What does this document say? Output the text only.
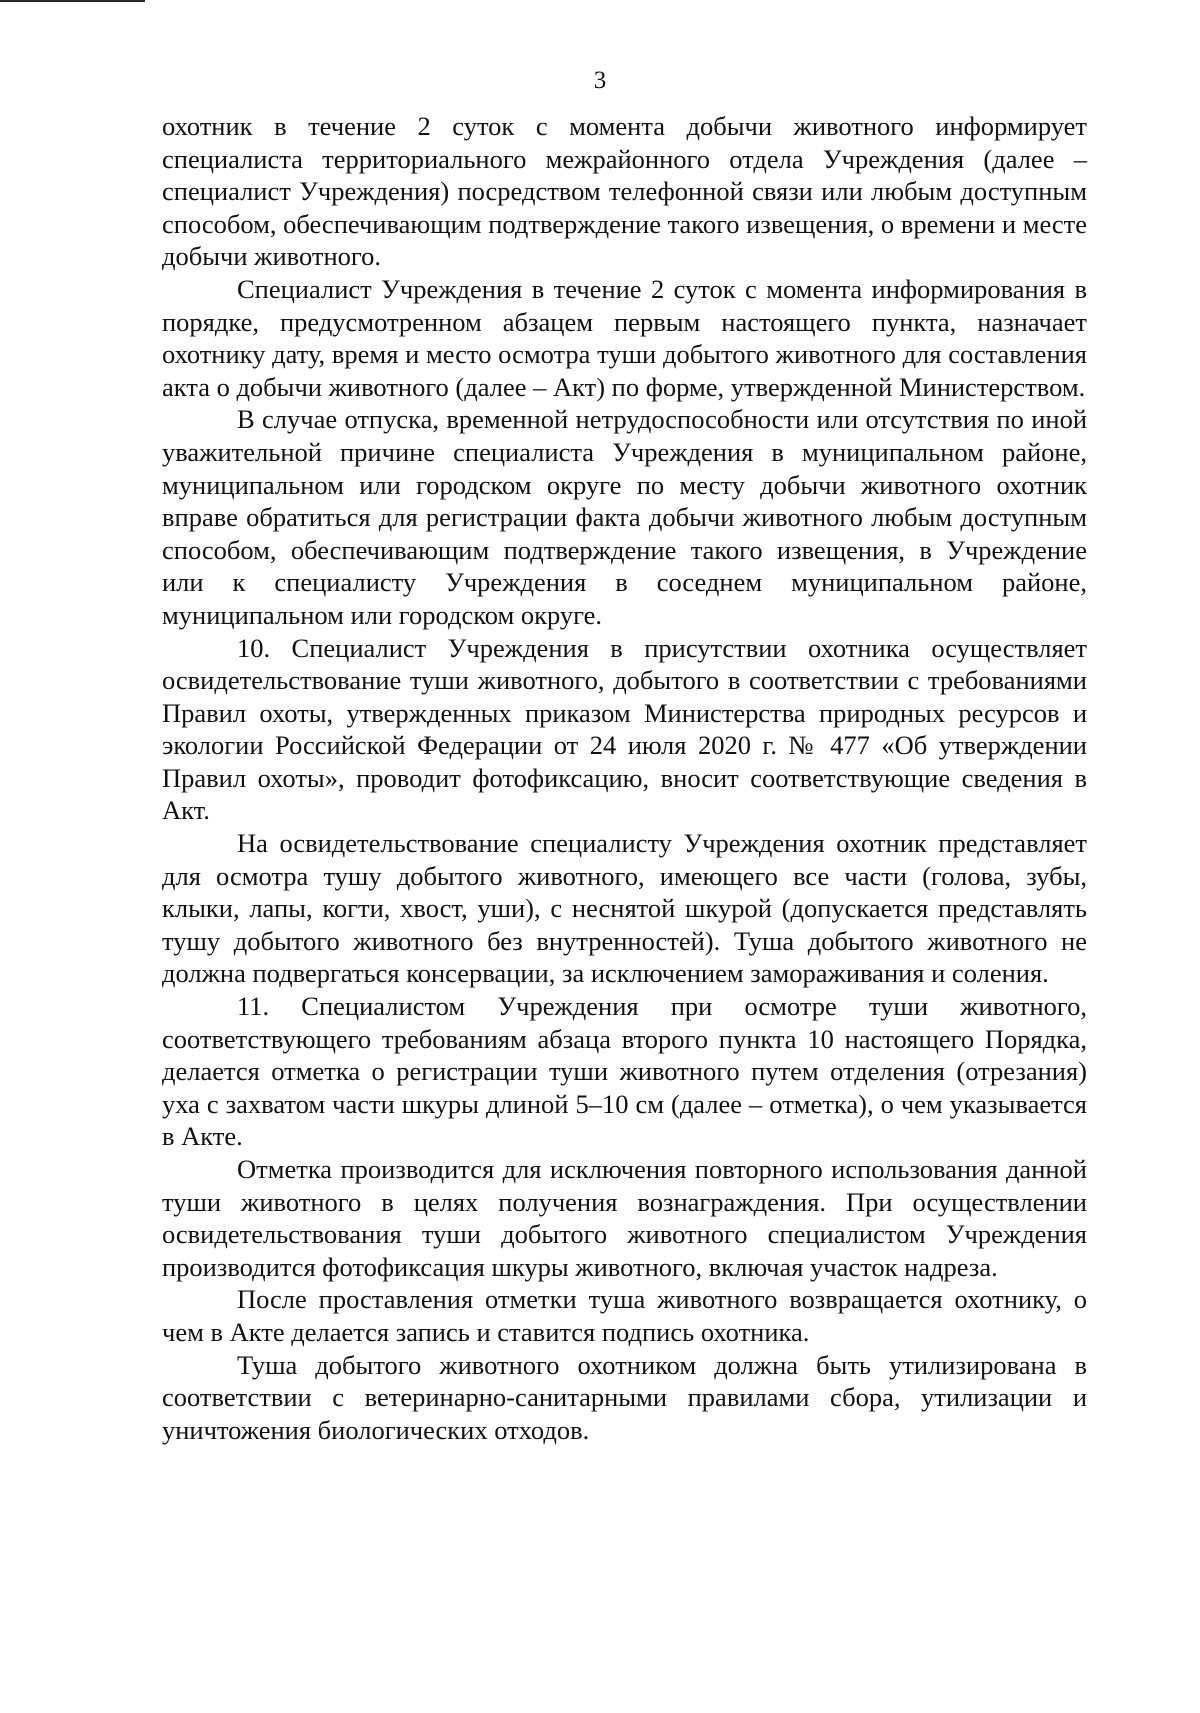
3

охотник в течение 2 суток с момента добычи животного информирует специалиста территориального межрайонного отдела Учреждения (далее – специалист Учреждения) посредством телефонной связи или любым доступным способом, обеспечивающим подтверждение такого извещения, о времени и месте добычи животного.

Специалист Учреждения в течение 2 суток с момента информирования в порядке, предусмотренном абзацем первым настоящего пункта, назначает охотнику дату, время и место осмотра туши добытого животного для составления акта о добычи животного (далее – Акт) по форме, утвержденной Министерством.

В случае отпуска, временной нетрудоспособности или отсутствия по иной уважительной причине специалиста Учреждения в муниципальном районе, муниципальном или городском округе по месту добычи животного охотник вправе обратиться для регистрации факта добычи животного любым доступным способом, обеспечивающим подтверждение такого извещения, в Учреждение или к специалисту Учреждения в соседнем муниципальном районе, муниципальном или городском округе.

10. Специалист Учреждения в присутствии охотника осуществляет освидетельствование туши животного, добытого в соответствии с требованиями Правил охоты, утвержденных приказом Министерства природных ресурсов и экологии Российской Федерации от 24 июля 2020 г. № 477 «Об утверждении Правил охоты», проводит фотофиксацию, вносит соответствующие сведения в Акт.

На освидетельствование специалисту Учреждения охотник представляет для осмотра тушу добытого животного, имеющего все части (голова, зубы, клыки, лапы, когти, хвост, уши), с неснятой шкурой (допускается представлять тушу добытого животного без внутренностей). Туша добытого животного не должна подвергаться консервации, за исключением замораживания и соления.

11. Специалистом Учреждения при осмотре туши животного, соответствующего требованиям абзаца второго пункта 10 настоящего Порядка, делается отметка о регистрации туши животного путем отделения (отрезания) уха с захватом части шкуры длиной 5–10 см (далее – отметка), о чем указывается в Акте.

Отметка производится для исключения повторного использования данной туши животного в целях получения вознаграждения. При осуществлении освидетельствования туши добытого животного специалистом Учреждения производится фотофиксация шкуры животного, включая участок надреза.

После проставления отметки туша животного возвращается охотнику, о чем в Акте делается запись и ставится подпись охотника.

Туша добытого животного охотником должна быть утилизирована в соответствии с ветеринарно-санитарными правилами сбора, утилизации и уничтожения биологических отходов.
